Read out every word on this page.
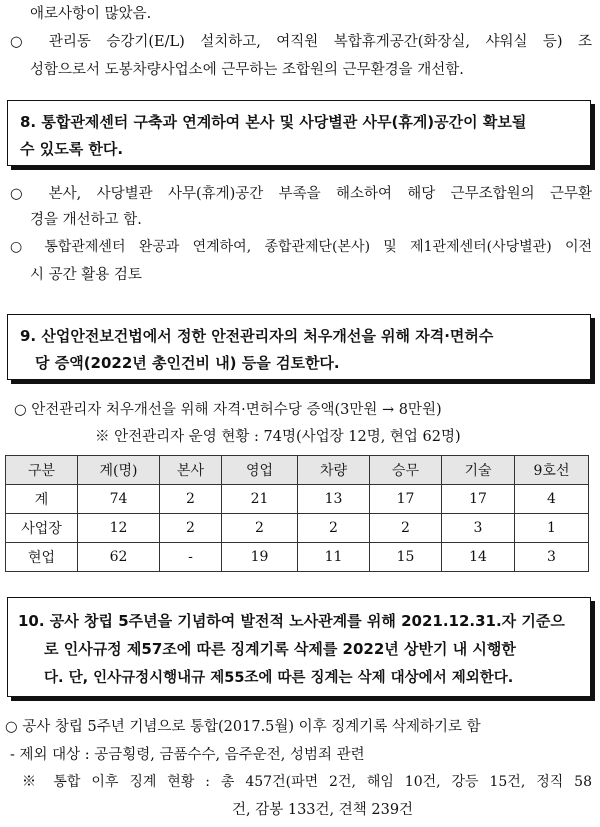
애로사항이 많았음.
○ 관리동 승강기(E/L) 설치하고, 여직원 복합휴게공간(화장실, 샤워실 등) 조
성함으로서 도봉차량사업소에 근무하는 조합원의 근무환경을 개선함.
8. 통합관제센터 구축과 연계하여 본사 및 사당별관 사무(휴게)공간이 확보될
수 있도록 한다.
○ 본사, 사당별관 사무(휴게)공간 부족을 해소하여 해당 근무조합원의 근무환
경을 개선하고 함.
○ 통합관제센터 완공과 연계하여, 종합관제단(본사) 및 제1관제센터(사당별관) 이전
시 공간 활용 검토
9. 산업안전보건법에서 정한 안전관리자의 처우개선을 위해 자격·면허수
당 증액(2022년 총인건비 내) 등을 검토한다.
○ 안전관리자 처우개선을 위해 자격·면허수당 증액(3만원 → 8만원)
※ 안전관리자 운영 현황 : 74명(사업장 12명, 현업 62명)
구분	계(명)	본사	영업	차량	승무	기술	9호선
계	74	2	21	13	17	17	4
사업장	12	2	2	2	2	3	1
현업	62	-	19	11	15	14	3
10. 공사 창립 5주년을 기념하여 발전적 노사관계를 위해 2021.12.31.자 기준으
로 인사규정 제57조에 따른 징계기록 삭제를 2022년 상반기 내 시행한
다. 단, 인사규정시행내규 제55조에 따른 징계는 삭제 대상에서 제외한다.
○ 공사 창립 5주년 기념으로 통합(2017.5월) 이후 징계기록 삭제하기로 함
- 제외 대상 : 공금횡령, 금품수수, 음주운전, 성범죄 관련
※ 통합 이후 징계 현황 : 총 457건(파면 2건, 해임 10건, 강등 15건, 정직 58
건, 감봉 133건, 견책 239건
